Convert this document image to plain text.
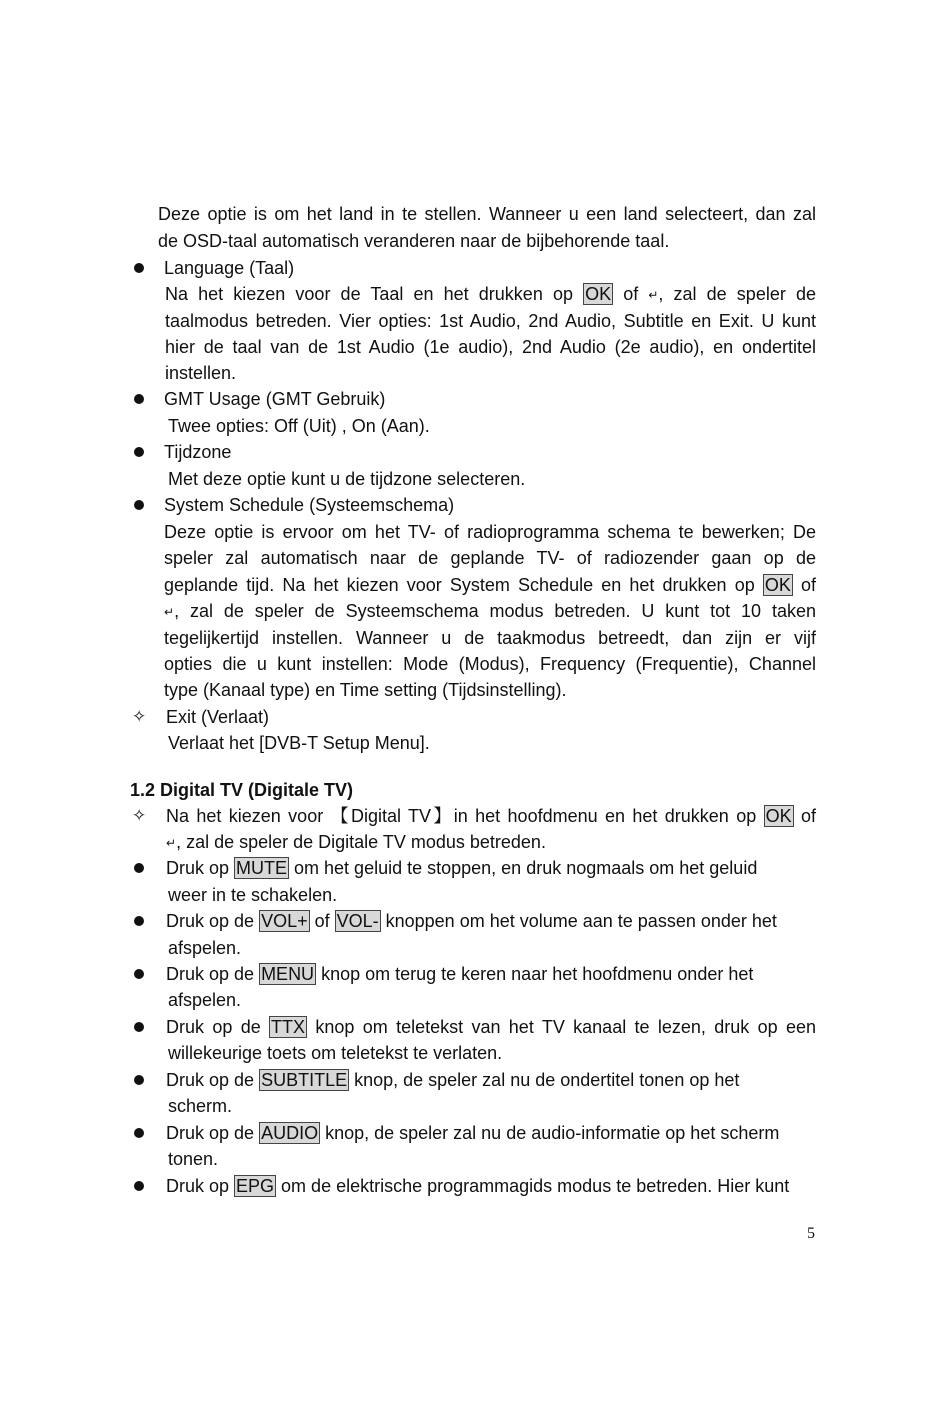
Deze optie is om het land in te stellen. Wanneer u een land selecteert, dan zal
de OSD-taal automatisch veranderen naar de bijbehorende taal.
Language (Taal)
Na het kiezen voor de Taal en het drukken op OK of ↵, zal de speler de
taalmodus betreden. Vier opties: 1st Audio, 2nd Audio, Subtitle en Exit. U kunt
hier de taal van de 1st Audio (1e audio), 2nd Audio (2e audio), en ondertitel
instellen.
GMT Usage (GMT Gebruik)
Twee opties: Off (Uit) , On (Aan).
Tijdzone
Met deze optie kunt u de tijdzone selecteren.
System Schedule (Systeemschema)
Deze optie is ervoor om het TV- of radioprogramma schema te bewerken; De
speler zal automatisch naar de geplande TV- of radiozender gaan op de
geplande tijd. Na het kiezen voor System Schedule en het drukken op OK of
↵, zal de speler de Systeemschema modus betreden. U kunt tot 10 taken
tegelijkertijd instellen. Wanneer u de taakmodus betreedt, dan zijn er vijf
opties die u kunt instellen: Mode (Modus), Frequency (Frequentie), Channel
type (Kanaal type) en Time setting (Tijdsinstelling).
✧ Exit (Verlaat)
Verlaat het [DVB-T Setup Menu].
1.2 Digital TV (Digitale TV)
✧ Na het kiezen voor 【Digital TV】in het hoofdmenu en het drukken op OK of
↵, zal de speler de Digitale TV modus betreden.
Druk op MUTE om het geluid te stoppen, en druk nogmaals om het geluid
weer in te schakelen.
Druk op de VOL+ of VOL- knoppen om het volume aan te passen onder het
afspelen.
Druk op de MENU knop om terug te keren naar het hoofdmenu onder het
afspelen.
Druk op de TTX knop om teletekst van het TV kanaal te lezen, druk op een
willekeurige toets om teletekst te verlaten.
Druk op de SUBTITLE knop, de speler zal nu de ondertitel tonen op het
scherm.
Druk op de AUDIO knop, de speler zal nu de audio-informatie op het scherm
tonen.
Druk op EPG om de elektrische programmagids modus te betreden. Hier kunt
5
